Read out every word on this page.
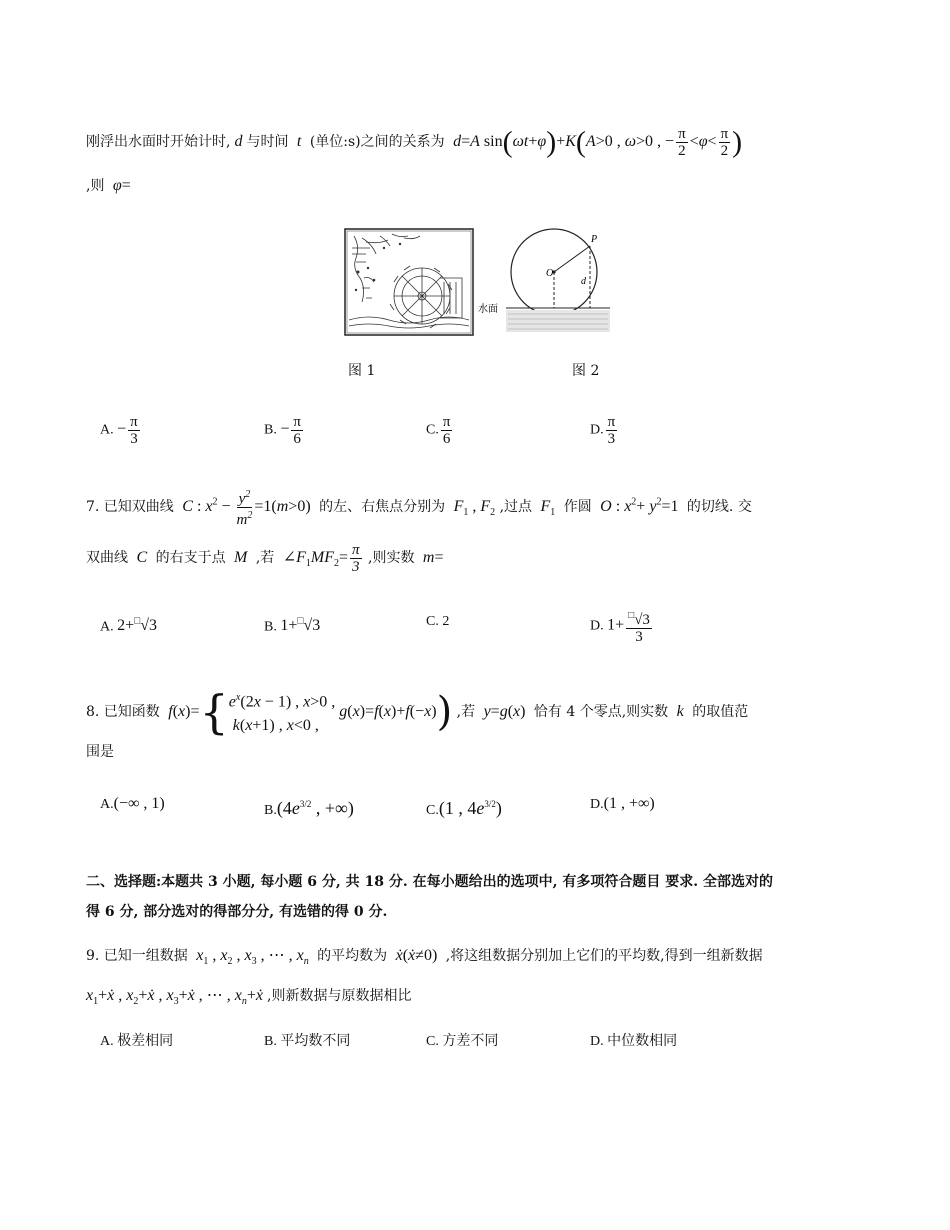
刚浮出水面时开始计时, d 与时间  t  (单位:s)之间的关系为  d=A sin(ωt+φ)+K(A>0 , ω>0 , − $\frac{\pi}{2} <\varphi< \frac{\pi}{2}$ )
,则  φ=
O
P
d
水面
图 1	图 2
A. − $\frac{\pi}{3}$	B. − $\frac{\pi}{6}$	C. $\frac{\pi}{6}$	D. $\frac{\pi}{3}$
7. 已知双曲线  C : $x^2 - \frac{y^2}{m^2} =1(m>0)$ 的左、右焦点分别为  $F_1$ , $F_2$ ,过点  $F_1$ 作圆  O : $x^2+ y^2=1$ 的切线. 交
双曲线  C  的右支于点  M  ,若 $\angle F_1MF_2= \frac{\pi}{3}$ ,则实数  m=
A. 2+□√3	B. 1+□√3	C. 2	D. $1+ \frac{^□√3}{3}$
8. 已知函数  f(x)= { $e^x(2x - 1)$ , x>0 ,
k(x+1) , x<0 ,
g(x)=f(x)+f(−x)) ,若  y=g(x) 恰有 4 个零点,则实数  k  的取值范
围是
A.(−∞ , 1)	$B.(4e^{3/2}$ , +∞)	C.(1 , $4e^{3/2}$)	D.(1 , +∞)
二、选择题:本题共 3 小题, 每小题 6 分, 共 18 分. 在每小题给出的选项中, 有多项符合题目 要求. 全部选对的
得 6 分, 部分选对的得部分分, 有选错的得 0 分.
9. 已知一组数据  $x_1$ , $x_2$ , $x_3$ , ⋯ , $x_n$ 的平均数为  ẋ(ẋ≠0) ,将这组数据分别加上它们的平均数,得到一组新数据
$x_1+ẋ$ , $x_2+ẋ$ , $x_3+ẋ$ , ⋯ , $x_n+ẋ$ ,则新数据与原数据相比
A. 极差相同	B. 平均数不同	C. 方差不同	D. 中位数相同
